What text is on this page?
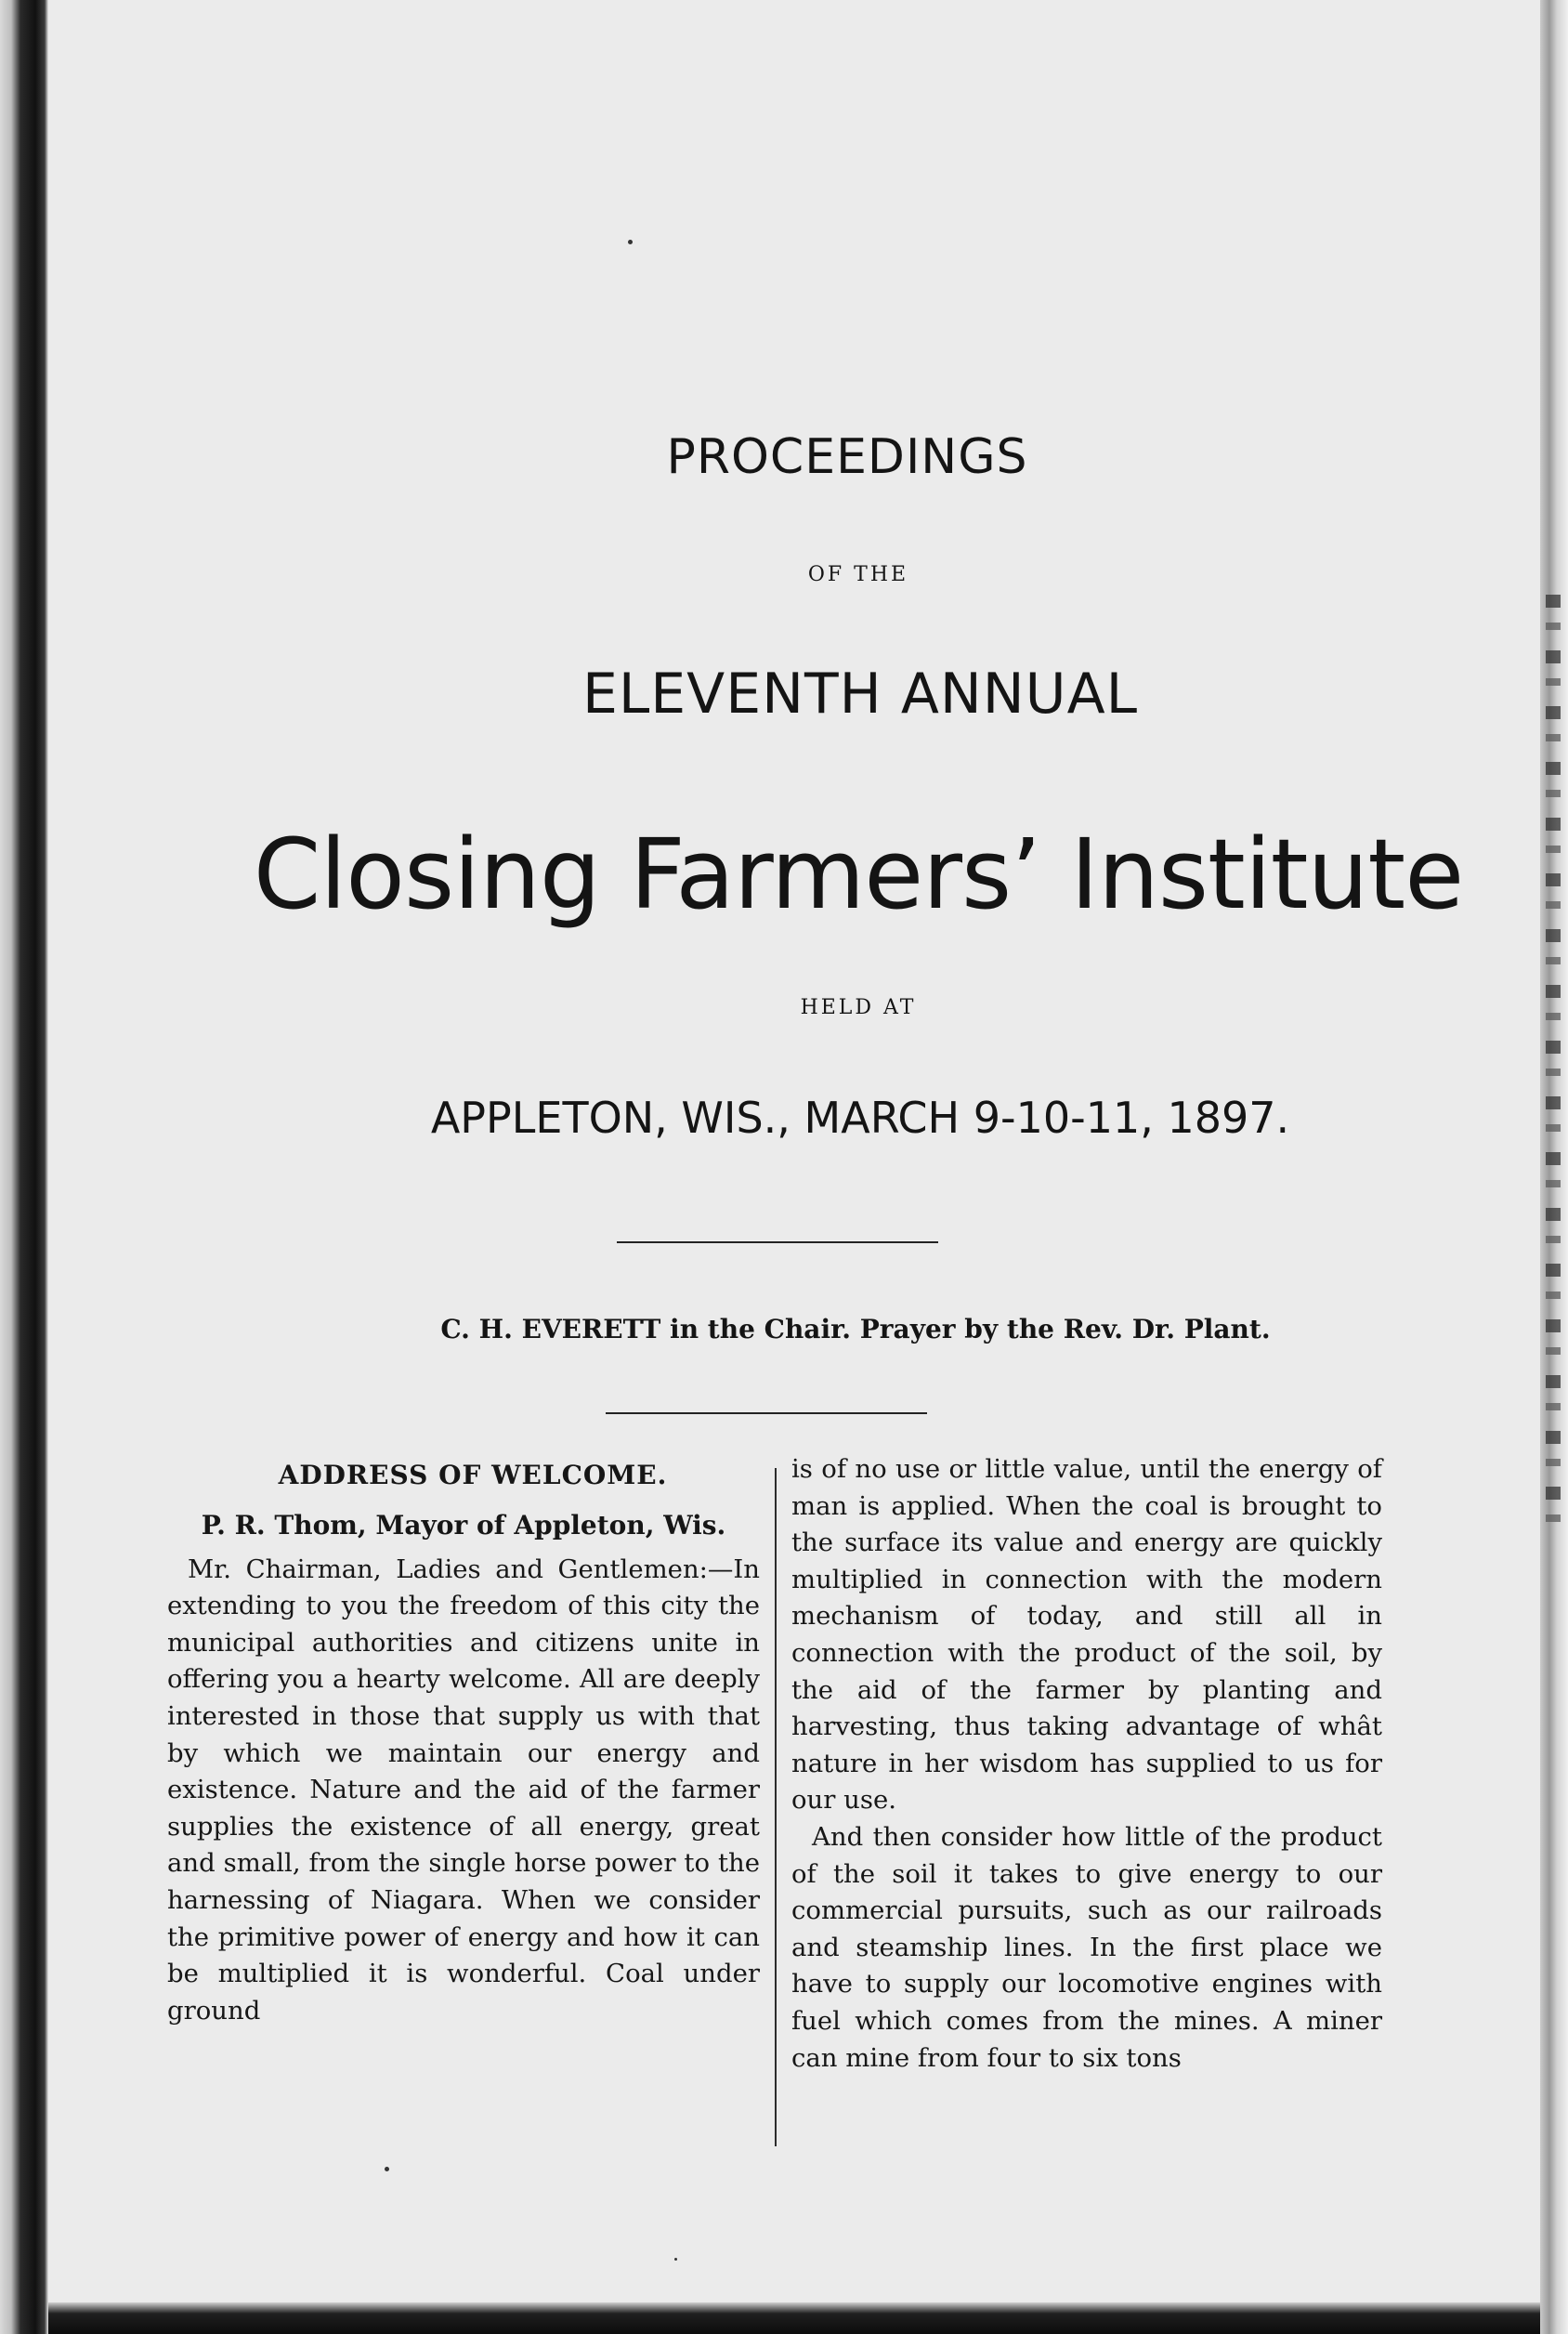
PROCEEDINGS
OF THE
ELEVENTH ANNUAL
Closing Farmers’ Institute
HELD AT
APPLETON, WIS., MARCH 9-10-11, 1897.
C. H. EVERETT in the Chair. Prayer by the Rev. Dr. Plant.
ADDRESS OF WELCOME.
P. R. Thom, Mayor of Appleton, Wis.

Mr. Chairman, Ladies and Gentlemen:—In extending to you the freedom of this city the municipal authorities and citizens unite in offering you a hearty welcome. All are deeply interested in those that supply us with that by which we maintain our energy and existence. Nature and the aid of the farmer supplies the existence of all energy, great and small, from the single horse power to the harnessing of Niagara. When we consider the primitive power of energy and how it can be multiplied it is wonderful. Coal under ground

is of no use or little value, until the energy of man is applied. When the coal is brought to the surface its value and energy are quickly multiplied in connection with the modern mechanism of today, and still all in connection with the product of the soil, by the aid of the farmer by planting and harvesting, thus taking advantage of whât nature in her wisdom has supplied to us for our use.

And then consider how little of the product of the soil it takes to give energy to our commercial pursuits, such as our railroads and steamship lines. In the first place we have to supply our locomotive engines with fuel which comes from the mines. A miner can mine from four to six tons
